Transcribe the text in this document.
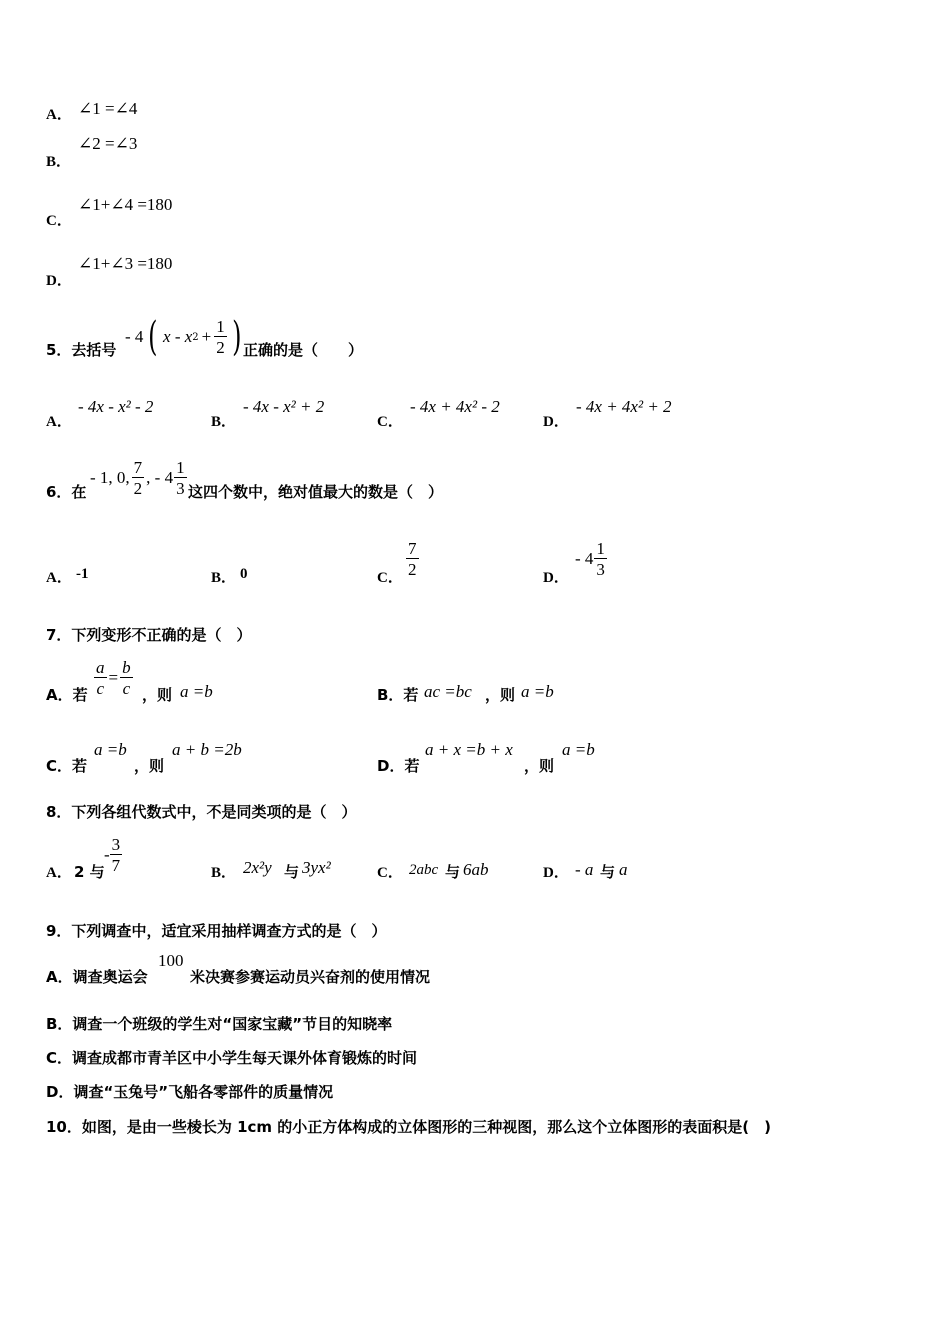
A． ∠1 =∠4
B．
∠2 =∠3
C．
∠1+∠4 =180
D．
∠1+∠3 =180
5．去括号
- 4 ( x - x $2 + \frac{1}{2}$ ) 正确的是（　　）
A．
- 4x - x² - 2
B．
- 4x - x² + 2
C．
- 4x + 4x² - 2
D．
- 4x + 4x² + 2
6．在
- 1, 0, $\frac{7}{2}$ , - $4 \frac{1}{3}$ 这四个数中，绝对值最大的数是（　）
A． -1	B． 0	C． $\frac{7}{2}$	D．
- $4 \frac{1}{3}$
7．下列变形不正确的是（　）
A．若 $\frac{a}{c} = \frac{b}{c}$ ，则 a =b	B．若 ac =bc ，则 a =b
C．若
a =b
，则
a + b =2b
D．若
a + x =b + x
，则
a =b
8．下列各组代数式中，不是同类项的是（　）
A． 2 与
- $\frac{3}{7}$	B． 2x²y 与 3yx²	C． 2abc 与 6ab	D． - a 与 a
9．下列调查中，适宜采用抽样调查方式的是（　）
A．调查奥运会
100
米决赛参赛运动员兴奋剂的使用情况
B．调查一个班级的学生对“国家宝藏”节目的知晓率
C．调查成都市青羊区中小学生每天课外体育锻炼的时间
D．调查“玉兔号”飞船各零部件的质量情况
10．如图，是由一些棱长为 1cm 的小正方体构成的立体图形的三种视图，那么这个立体图形的表面积是(　)
